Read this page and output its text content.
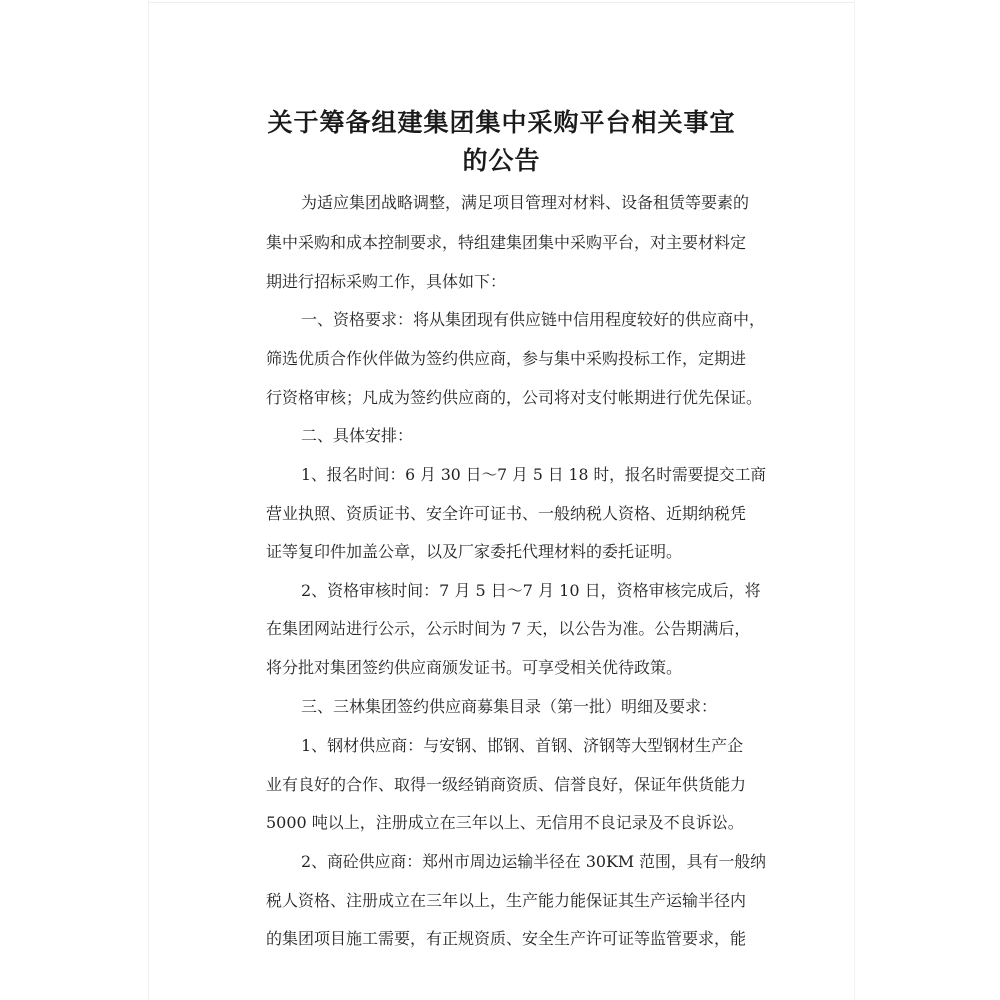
关于筹备组建集团集中采购平台相关事宜
的公告
为适应集团战略调整，满足项目管理对材料、设备租赁等要素的
集中采购和成本控制要求，特组建集团集中采购平台，对主要材料定
期进行招标采购工作，具体如下：
一、资格要求：将从集团现有供应链中信用程度较好的供应商中，
筛选优质合作伙伴做为签约供应商，参与集中采购投标工作，定期进
行资格审核；凡成为签约供应商的，公司将对支付帐期进行优先保证。
二、具体安排：
1、报名时间：6 月 30 日～7 月 5 日 18 时，报名时需要提交工商
营业执照、资质证书、安全许可证书、一般纳税人资格、近期纳税凭
证等复印件加盖公章，以及厂家委托代理材料的委托证明。
2、资格审核时间：7 月 5 日～7 月 10 日，资格审核完成后，将
在集团网站进行公示，公示时间为 7 天，以公告为准。公告期满后，
将分批对集团签约供应商颁发证书。可享受相关优待政策。
三、三林集团签约供应商募集目录（第一批）明细及要求：
1、钢材供应商：与安钢、邯钢、首钢、济钢等大型钢材生产企
业有良好的合作、取得一级经销商资质、信誉良好，保证年供货能力
5000 吨以上，注册成立在三年以上、无信用不良记录及不良诉讼。
2、商砼供应商：郑州市周边运输半径在 30KM 范围，具有一般纳
税人资格、注册成立在三年以上，生产能力能保证其生产运输半径内
的集团项目施工需要，有正规资质、安全生产许可证等监管要求，能
